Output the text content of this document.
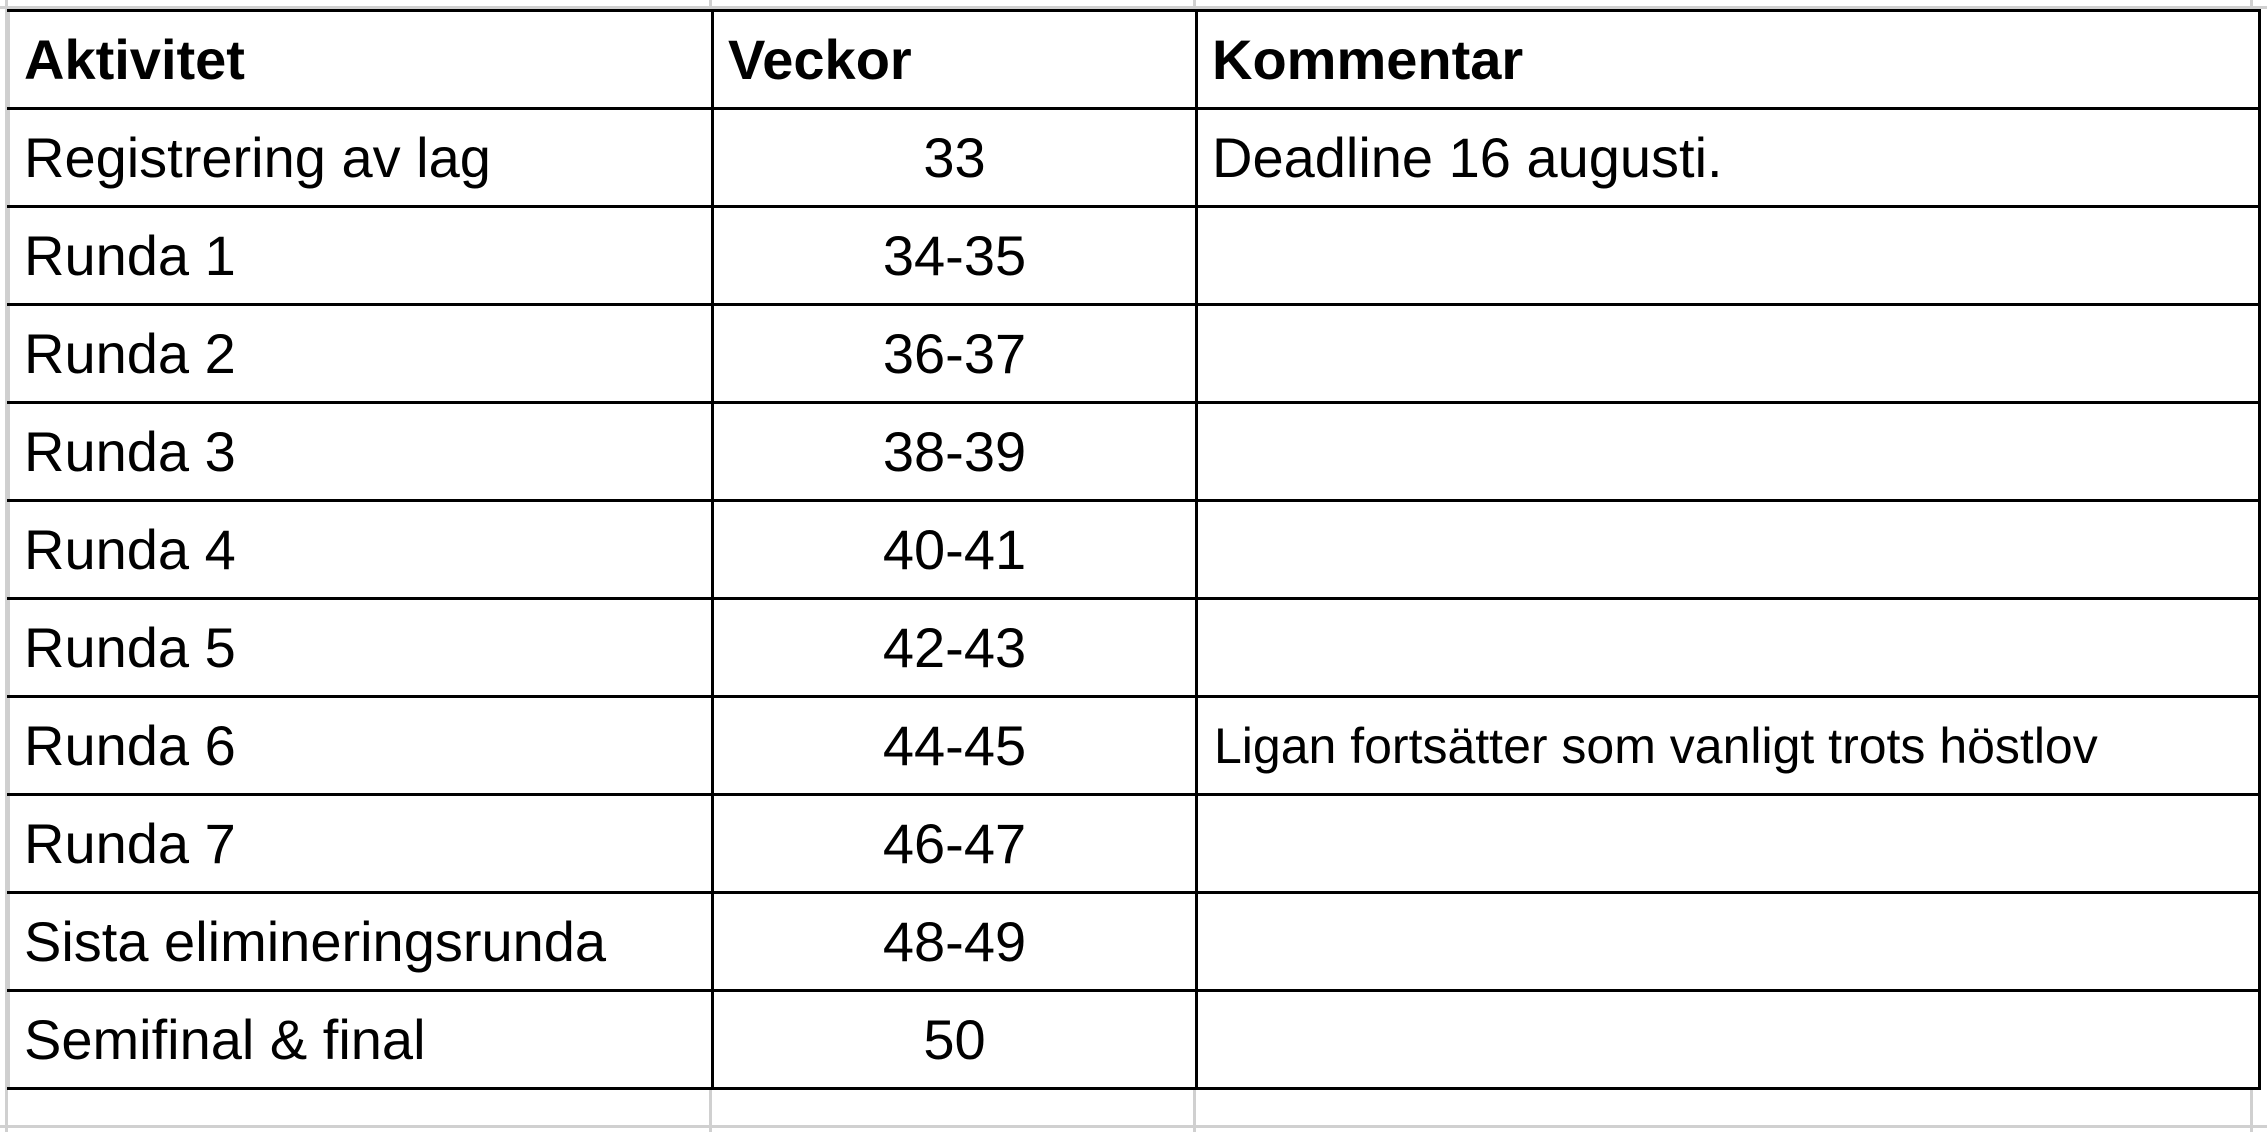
Aktivitet	Veckor	Kommentar
Registrering av lag	33	Deadline 16 augusti.
Runda 1	34-35	
Runda 2	36-37	
Runda 3	38-39	
Runda 4	40-41	
Runda 5	42-43	
Runda 6	44-45	Ligan fortsätter som vanligt trots höstlov
Runda 7	46-47	
Sista elimineringsrunda	48-49	
Semifinal & final	50	
